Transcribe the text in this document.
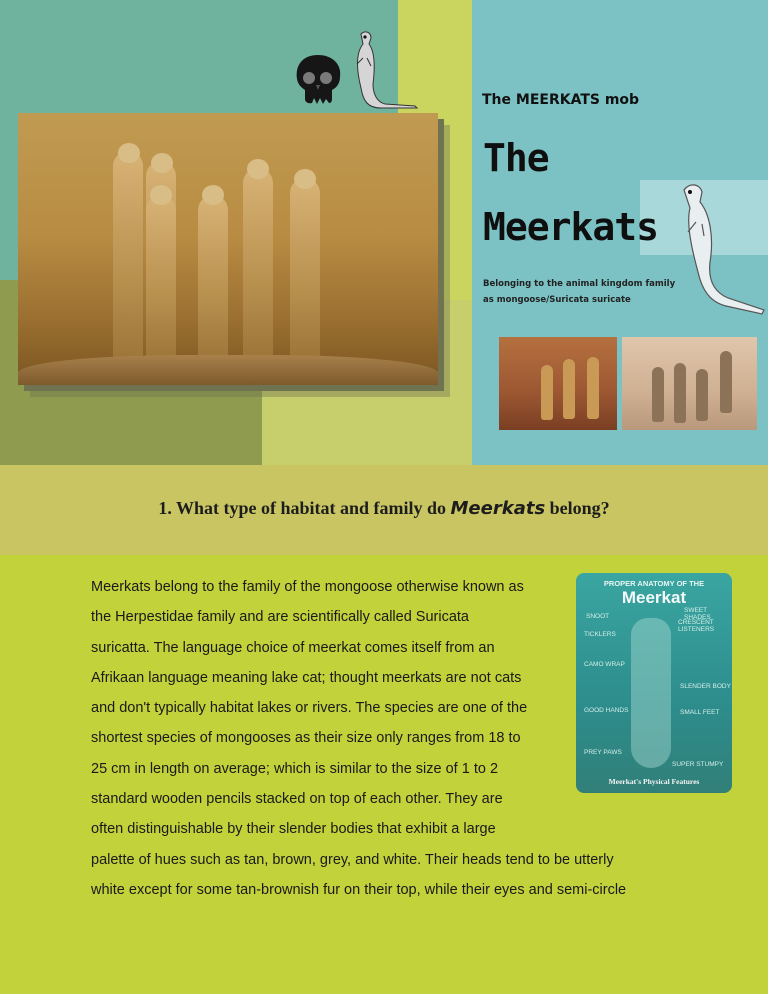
The MEERKATS mob
The
Meerkats
Belonging to the animal kingdom family as mongoose/Suricata suricate
1. What type of habitat and family do Meerkats belong?
Meerkats belong to the family of the mongoose otherwise known as
the Herpestidae family and are scientifically called Suricata
suricatta. The language choice of meerkat comes itself from an
Afrikaan language meaning lake cat; thought meerkats are not cats
and don't typically habitat lakes or rivers. The species are one of the
shortest species of mongooses as their size only ranges from 18 to
25 cm in length on average; which is similar to the size of 1 to 2
standard wooden pencils stacked on top of each other. They are
often distinguishable by their slender bodies that exhibit a large
palette of hues such as tan, brown, grey, and white. Their heads tend to be utterly
white except for some tan-brownish fur on their top, while their eyes and semi-circle
PROPER ANATOMY OF THE
Meerkat
SNOOT
SWEET SHADES
TICKLERS
CRESCENT LISTENERS
CAMO WRAP
SLENDER BODY
GOOD HANDS	SMALL FEET
PREY PAWS
SUPER STUMPY
Meerkat's Physical Features
